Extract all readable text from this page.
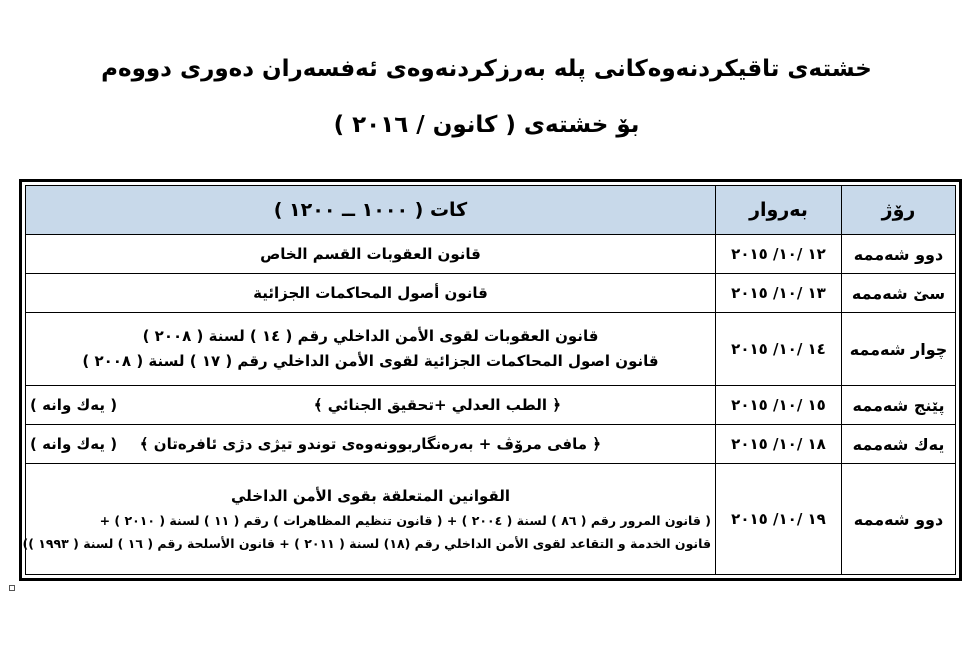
خشتەی تاقیکردنەوەکانی پلە بەرزکردنەوەی ئەفسەران دەوری دووەم
بۆ خشتەی ( کانون / ٢٠١٦ )
رۆژ	بەروار	كات ( ١٠٠٠ ــ ١٢٠٠ )
دوو شەممە	١٢ /١٠/ ٢٠١٥	قانون العقوبات القسم الخاص
سێ شەممە	١٣ /١٠/ ٢٠١٥	قانون أصول المحاكمات الجزائية
چوار شەممە	١٤ /١٠/ ٢٠١٥	قانون العقوبات لقوى الأمن الداخلي رقم ( ١٤ ) لسنة ( ٢٠٠٨ )
قانون اصول المحاكمات الجزائية لقوى الأمن الداخلي رقم ( ١٧ ) لسنة ( ٢٠٠٨ )

پێنج شەممە	١٥ /١٠/ ٢٠١٥	﴿ الطب العدلي +تحقيق الجنائي ﴾
( یەك وانە )

یەك شەممە	١٨ /١٠/ ٢٠١٥	﴿ مافی مرۆڤ + بەرەنگاربوونەوەی توندو تیژی دژی ئافرەتان ﴾
( یەك وانە )

دوو شەممە	١٩ /١٠/ ٢٠١٥	القوانين المتعلقة بقوى الأمن الداخلي
( قانون المرور رقم ( ٨٦ ) لسنة ( ٢٠٠٤ ) + ( قانون تنظيم المظاهرات ) رقم ( ١١ ) لسنة ( ٢٠١٠ ) +
قانون الخدمة و التقاعد لقوى الأمن الداخلي رقم (١٨) لسنة ( ٢٠١١ ) + قانون الأسلحة رقم ( ١٦ ) لسنة ( ١٩٩٣ ))
